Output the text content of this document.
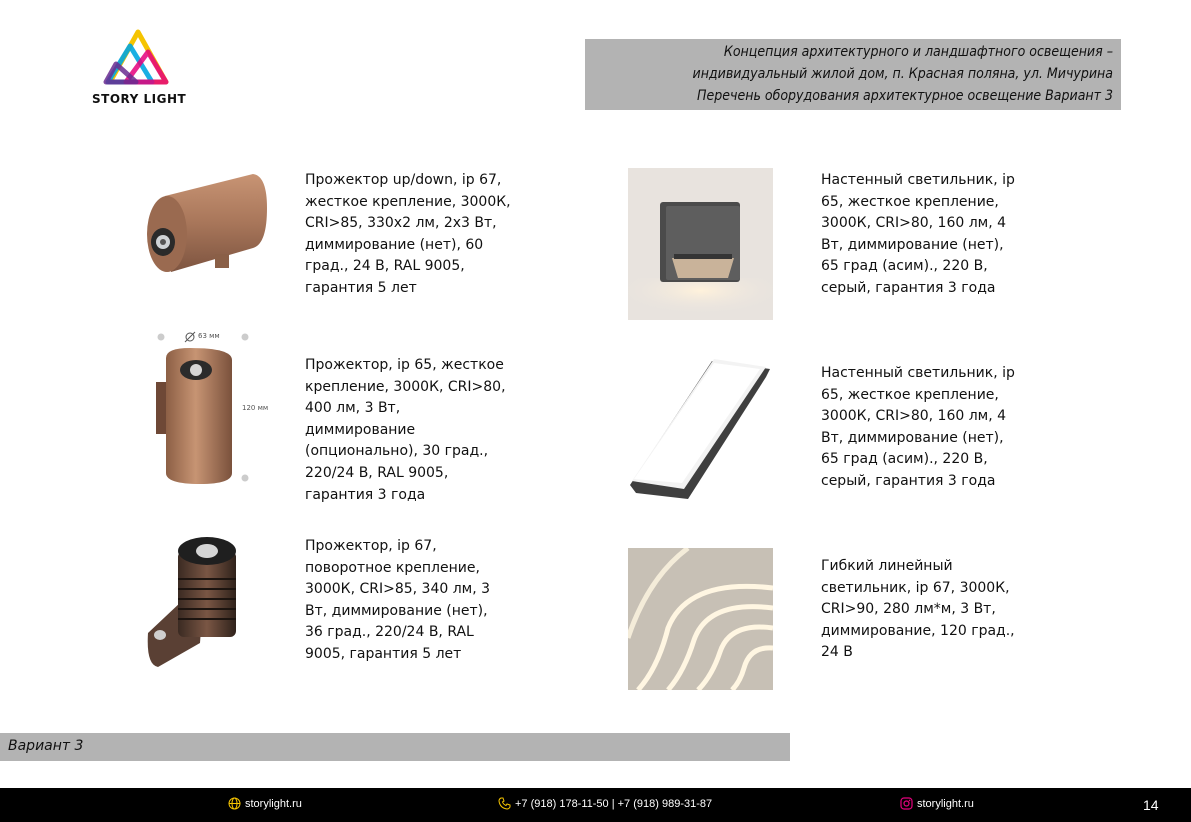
STORY LIGHT
Концепция архитектурного и ландшафтного освещения –
индивидуальный жилой дом, п. Красная поляна, ул. Мичурина
Перечень оборудования архитектурное освещение Вариант 3
Прожектор up/down, ip 67,
жесткое крепление, 3000К,
CRI>85, 330х2 лм, 2х3 Вт,
диммирование (нет), 60
град., 24 В, RAL 9005,
гарантия 5 лет
63 мм
120 мм
Прожектор, ip 65, жесткое
крепление, 3000К, CRI>80,
400 лм, 3 Вт,
диммирование
(опционально), 30 град.,
220/24 В, RAL 9005,
гарантия 3 года
Прожектор, ip 67,
поворотное крепление,
3000К, CRI>85, 340 лм, 3
Вт, диммирование (нет),
36 град., 220/24 В, RAL
9005, гарантия 5 лет
Настенный светильник, ip
65, жесткое крепление,
3000К, CRI>80, 160 лм, 4
Вт, диммирование (нет),
65 град (асим)., 220 В,
серый, гарантия 3 года
Настенный светильник, ip
65, жесткое крепление,
3000К, CRI>80, 160 лм, 4
Вт, диммирование (нет),
65 град (асим)., 220 В,
серый, гарантия 3 года
Гибкий линейный
светильник, ip 67, 3000К,
CRI>90, 280 лм*м, 3 Вт,
диммирование, 120 град.,
24 В
Вариант 3
storylight.ru	+7 (918) 178-11-50 | +7 (918) 989-31-87	storylight.ru	14
